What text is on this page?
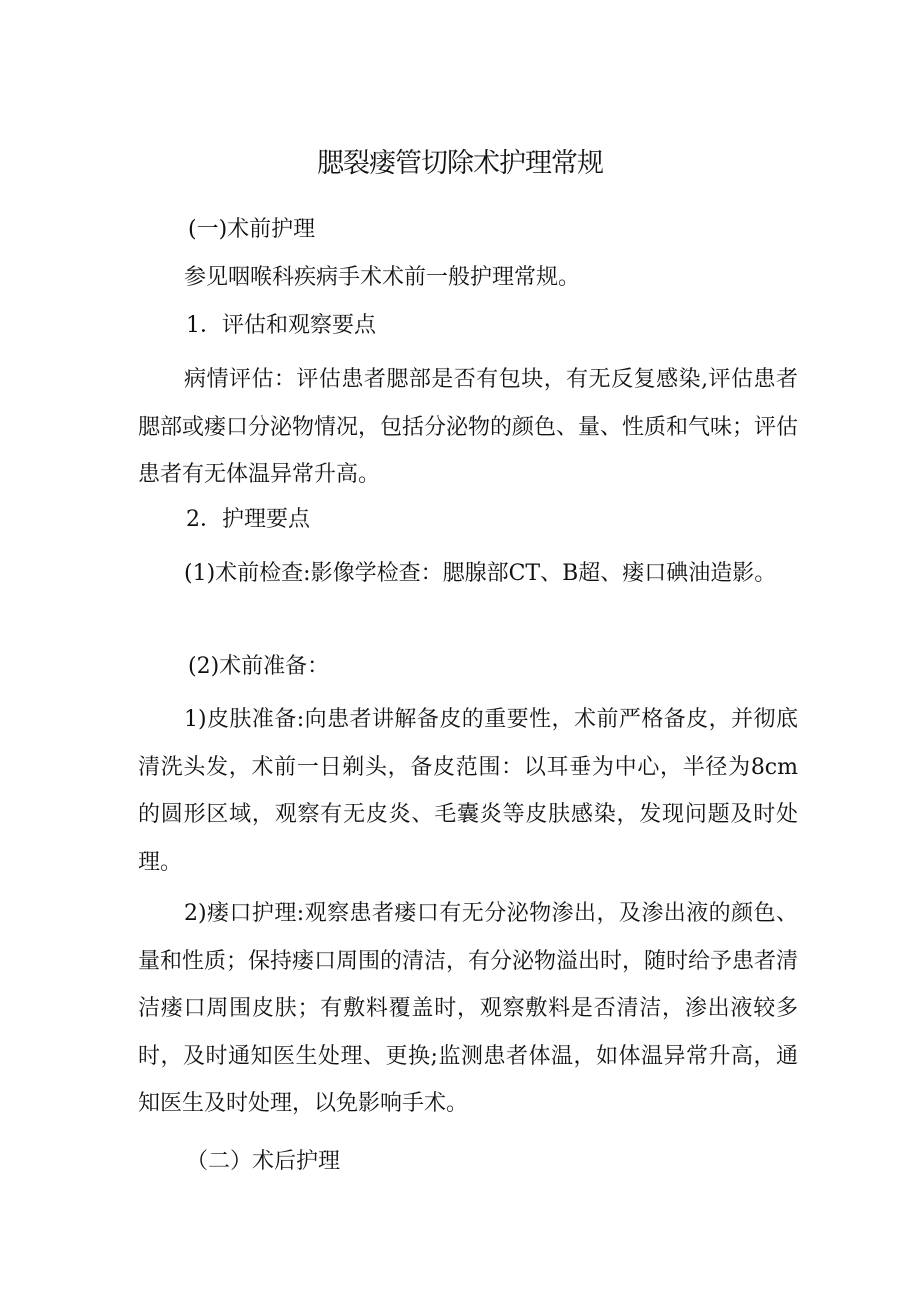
腮裂瘘管切除术护理常规
(一)术前护理
参见咽喉科疾病手术术前一般护理常规。
1．评估和观察要点
病情评估：评估患者腮部是否有包块，有无反复感染,评估患者腮部或瘘口分泌物情况，包括分泌物的颜色、量、性质和气味；评估患者有无体温异常升高。
2．护理要点
(1)术前检查:影像学检查：腮腺部CT、B超、瘘口碘油造影。
(2)术前准备：
1)皮肤准备:向患者讲解备皮的重要性，术前严格备皮，并彻底清洗头发，术前一日剃头，备皮范围：以耳垂为中心，半径为8cm的圆形区域，观察有无皮炎、毛囊炎等皮肤感染，发现问题及时处理。
2)瘘口护理:观察患者瘘口有无分泌物渗出，及渗出液的颜色、量和性质；保持瘘口周围的清洁，有分泌物溢出时，随时给予患者清洁瘘口周围皮肤；有敷料覆盖时，观察敷料是否清洁，渗出液较多时，及时通知医生处理、更换;监测患者体温，如体温异常升高，通知医生及时处理，以免影响手术。
（二）术后护理
